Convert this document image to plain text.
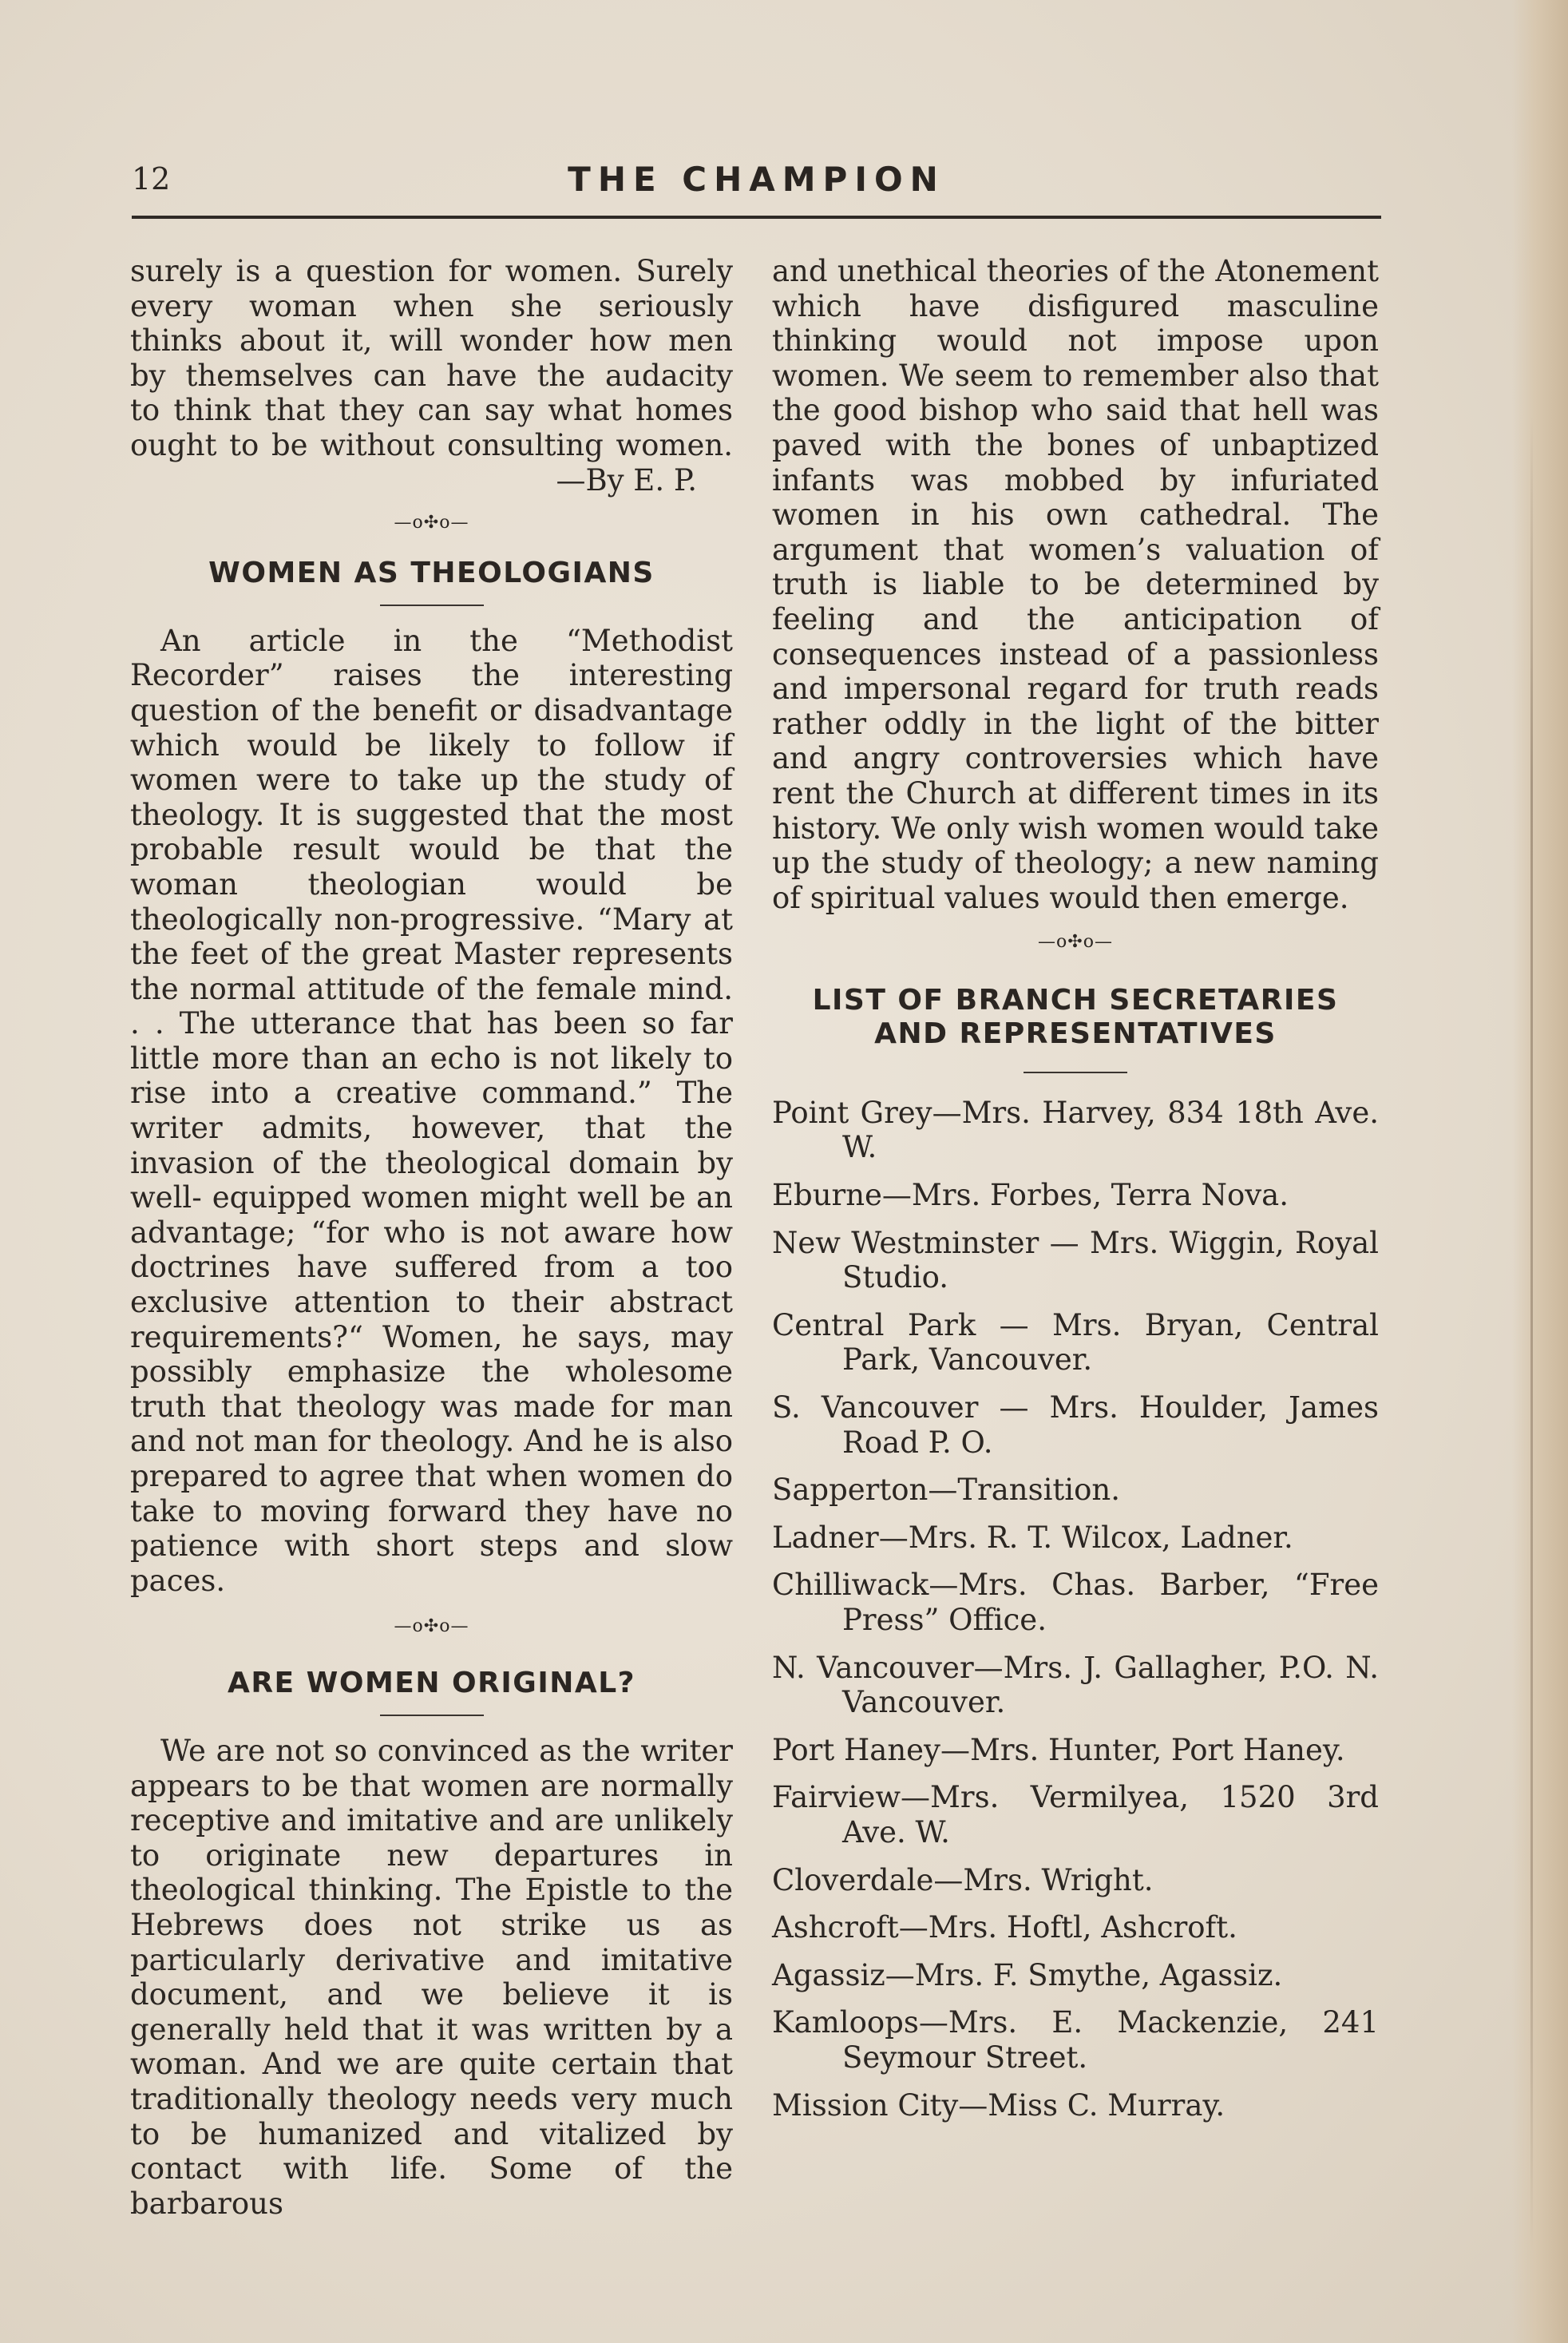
12	THE CHAMPION

surely is a question for women. Surely

every woman when she seriously

thinks about it, will wonder how men

by themselves can have the audacity

to think that they can say what homes

ought to be without consulting women.

—By E. P.

—o✣o—
WOMEN AS THEOLOGIANS

An article in the “Methodist Recorder” raises the interesting question of the benefit or disadvantage which would be likely to follow if women were to take up the study of theology. It is suggested that the most probable result would be that the woman theologian would be theologically non-progressive. “Mary at the feet of the great Master represents the normal attitude of the female mind. . . The utterance that has been so far little more than an echo is not likely to rise into a creative command.” The writer admits, however, that the invasion of the theological domain by well- equipped women might well be an advantage; “for who is not aware how doctrines have suffered from a too exclusive attention to their abstract requirements?“ Women, he says, may possibly emphasize the wholesome truth that theology was made for man and not man for theology. And he is also prepared to agree that when women do take to moving forward they have no patience with short steps and slow paces.

—o✣o—
ARE WOMEN ORIGINAL?

We are not so convinced as the writer appears to be that women are normally receptive and imitative and are unlikely to originate new departures in theological thinking. The Epistle to the Hebrews does not strike us as particularly derivative and imitative document, and we believe it is generally held that it was written by a woman. And we are quite certain that traditionally theology needs very much to be humanized and vitalized by contact with life. Some of the barbarous

and unethical theories of the Atonement which have disfigured masculine thinking would not impose upon women. We seem to remember also that the good bishop who said that hell was paved with the bones of unbaptized infants was mobbed by infuriated women in his own cathedral. The argument that women’s valuation of truth is liable to be determined by feeling and the anticipation of consequences instead of a passionless and impersonal regard for truth reads rather oddly in the light of the bitter and angry controversies which have rent the Church at different times in its history. We only wish women would take up the study of theology; a new naming of spiritual values would then emerge.

—o✣o—
LIST OF BRANCH SECRETARIES
AND REPRESENTATIVES

Point Grey—Mrs. Harvey, 834 18th Ave. W.

Eburne—Mrs. Forbes, Terra Nova.

New Westminster — Mrs. Wiggin, Royal Studio.

Central Park — Mrs. Bryan, Central Park, Vancouver.

S. Vancouver — Mrs. Houlder, James Road P. O.

Sapperton—Transition.

Ladner—Mrs. R. T. Wilcox, Ladner.

Chilliwack—Mrs. Chas. Barber, “Free Press” Office.

N. Vancouver—Mrs. J. Gallagher, P.O. N. Vancouver.

Port Haney—Mrs. Hunter, Port Haney.

Fairview—Mrs. Vermilyea, 1520 3rd Ave. W.

Cloverdale—Mrs. Wright.

Ashcroft—Mrs. Hoftl, Ashcroft.

Agassiz—Mrs. F. Smythe, Agassiz.

Kamloops—Mrs. E. Mackenzie, 241 Seymour Street.

Mission City—Miss C. Murray.
